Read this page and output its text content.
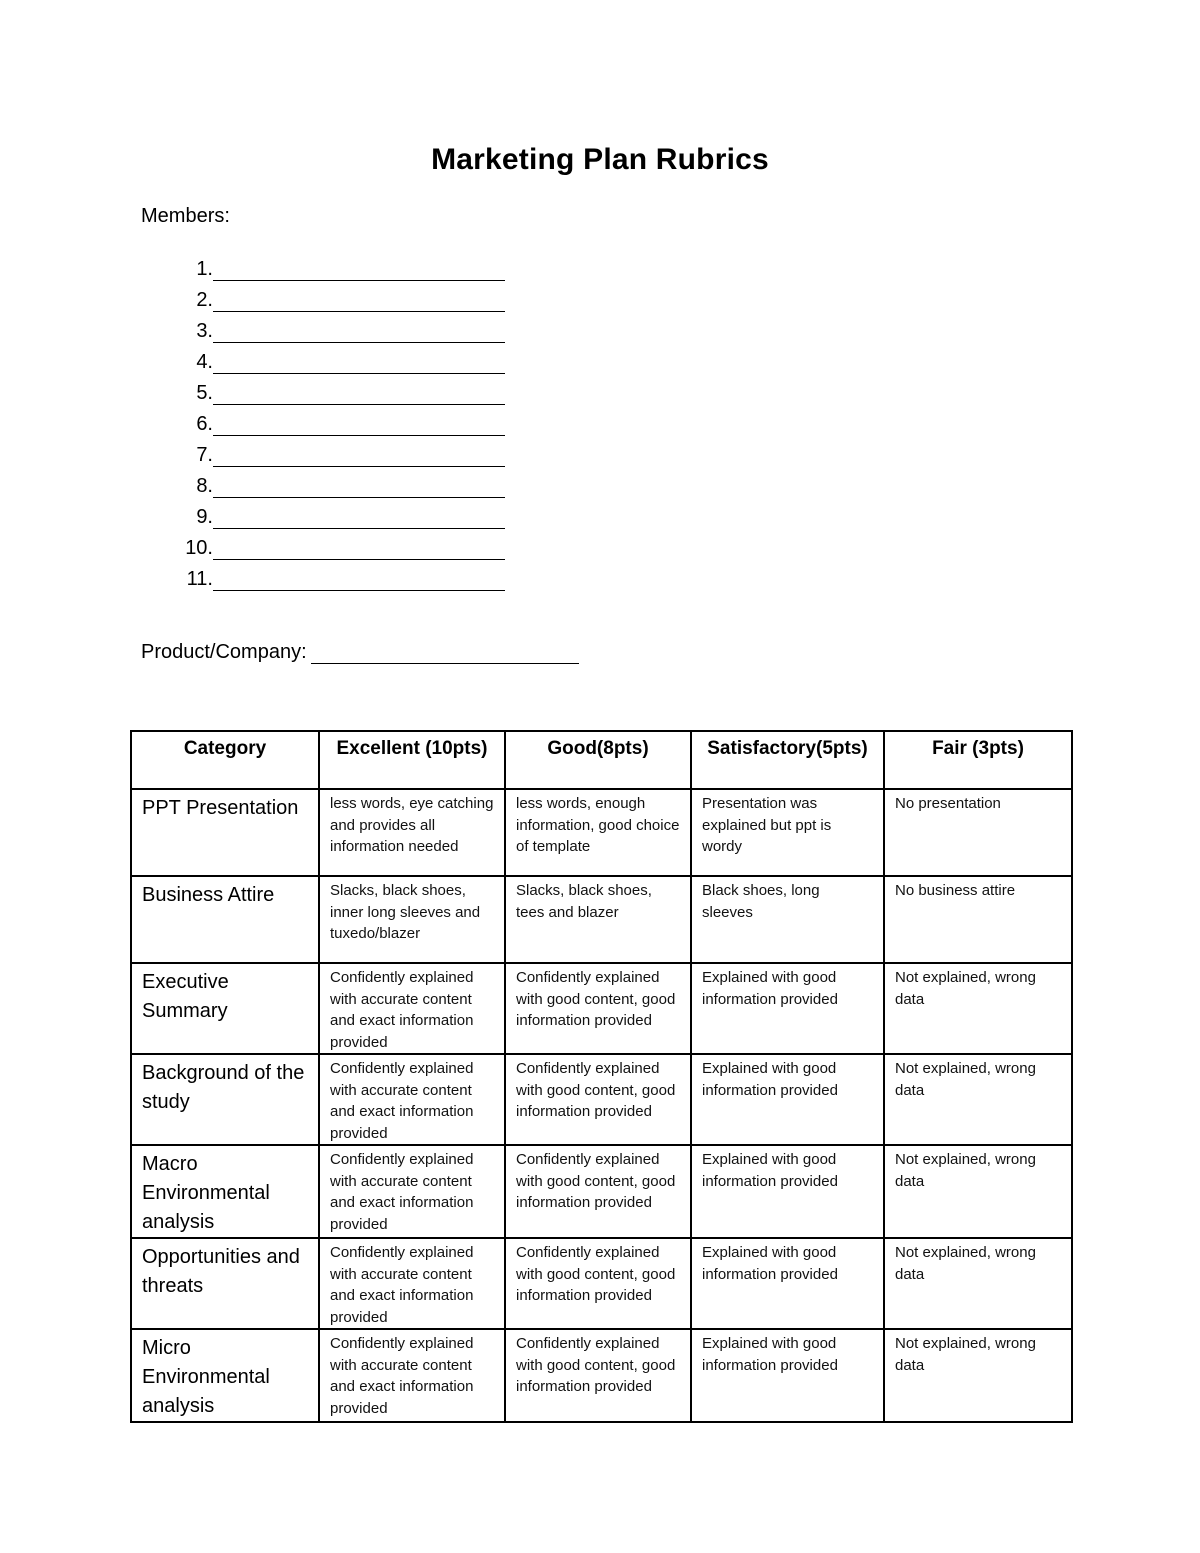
Marketing Plan Rubrics
Members:
1.
2.
3.
4.
5.
6.
7.
8.
9.
10.
11.
Product/Company:
Category	Excellent (10pts)	Good(8pts)	Satisfactory(5pts)	Fair (3pts)
PPT Presentation	less words, eye catching and provides all information needed	less words, enough information, good choice of template	Presentation was explained but ppt is wordy	No presentation
Business Attire	Slacks, black shoes, inner long sleeves and tuxedo/blazer	Slacks, black shoes, tees and blazer	Black shoes, long sleeves	No business attire
Executive Summary	Confidently explained with accurate content and exact information provided	Confidently explained with good content, good information provided	Explained with good information provided	Not explained, wrong data
Background of the study	Confidently explained with accurate content and exact information provided	Confidently explained with good content, good information provided	Explained with good information provided	Not explained, wrong data
Macro Environmental analysis	Confidently explained with accurate content and exact information provided	Confidently explained with good content, good information provided	Explained with good information provided	Not explained, wrong data
Opportunities and threats	Confidently explained with accurate content and exact information provided	Confidently explained with good content, good information provided	Explained with good information provided	Not explained, wrong data
Micro Environmental analysis	Confidently explained with accurate content and exact information provided	Confidently explained with good content, good information provided	Explained with good information provided	Not explained, wrong data
